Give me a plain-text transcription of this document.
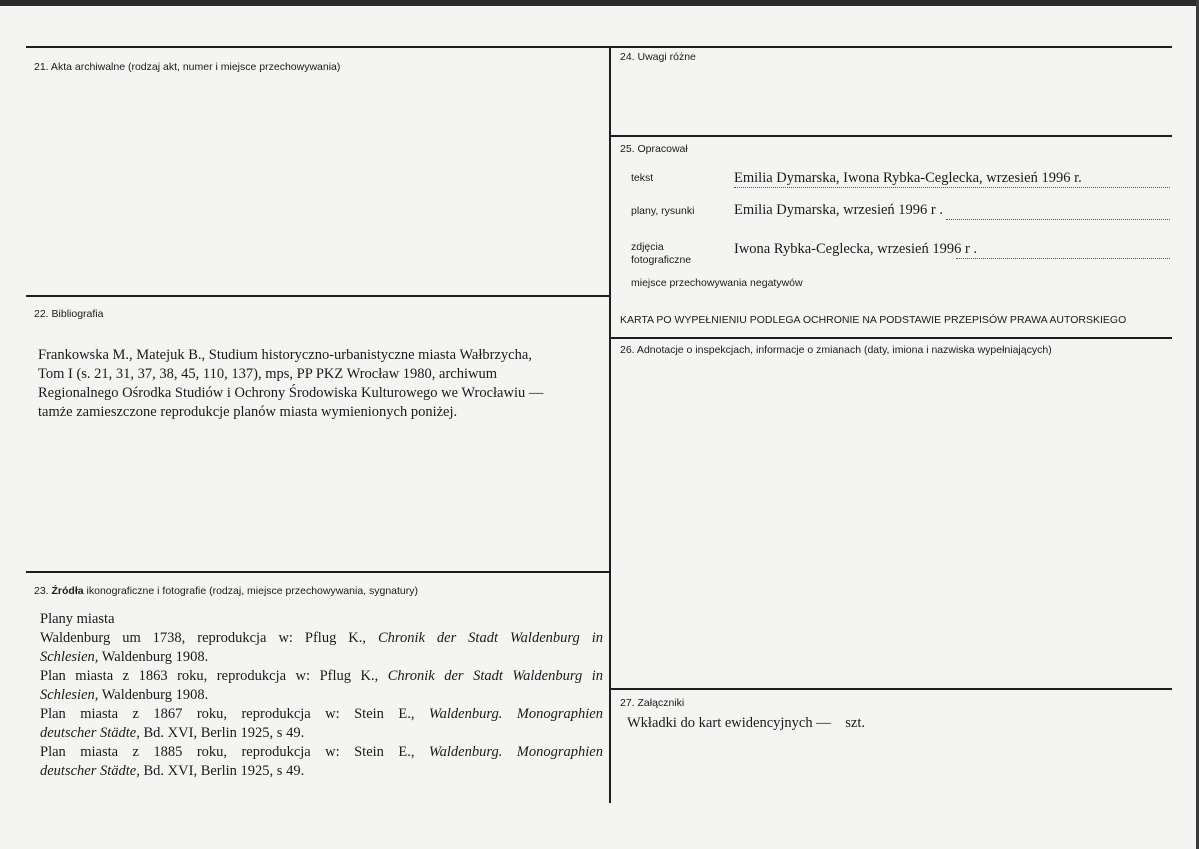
21. Akta archiwalne (rodzaj akt, numer i miejsce przechowywania)
22. Bibliografia
Frankowska M., Matejuk B., Studium historyczno-urbanistyczne miasta Wałbrzycha,
Tom I (s. 21, 31, 37, 38, 45, 110, 137), mps, PP PKZ Wrocław 1980, archiwum
Regionalnego Ośrodka Studiów i Ochrony Środowiska Kulturowego we Wrocławiu —
tamże zamieszczone reprodukcje planów miasta wymienionych poniżej.
23. Źródła ikonograficzne i fotografie (rodzaj, miejsce przechowywania, sygnatury)
Plany miasta
Waldenburg um 1738, reprodukcja w: Pflug K., Chronik der Stadt Waldenburg in
Schlesien, Waldenburg 1908.
Plan miasta z 1863 roku, reprodukcja w: Pflug K., Chronik der Stadt Waldenburg in
Schlesien, Waldenburg 1908.
Plan miasta z 1867 roku, reprodukcja w: Stein E., Waldenburg. Monographien
deutscher Städte, Bd. XVI, Berlin 1925, s 49.
Plan miasta z 1885 roku, reprodukcja w: Stein E., Waldenburg. Monographien
deutscher Städte, Bd. XVI, Berlin 1925, s 49.
24. Uwagi różne
25. Opracował
tekst	Emilia Dymarska, Iwona Rybka-Ceglecka, wrzesień 1996 r.
plany, rysunki	Emilia Dymarska, wrzesień 1996 r .
zdjęcia
fotograficzne
Iwona Rybka-Ceglecka, wrzesień 1996 r .
miejsce przechowywania negatywów
KARTA PO WYPEŁNIENIU PODLEGA OCHRONIE NA PODSTAWIE PRZEPISÓW PRAWA AUTORSKIEGO
26. Adnotacje o inspekcjach, informacje o zmianach (daty, imiona i nazwiska wypełniających)
27. Załączniki
Wkładki do kart ewidencyjnych —    szt.
